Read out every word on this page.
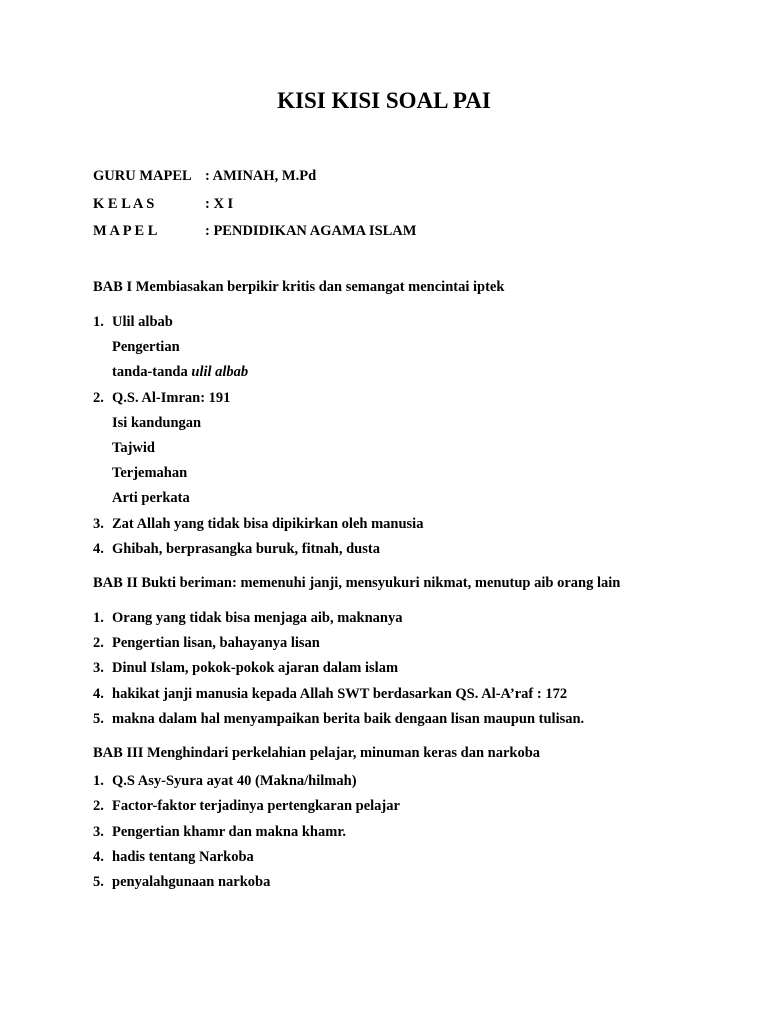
KISI KISI SOAL PAI
GURU MAPEL : AMINAH, M.Pd
K E L A S	: X I
M A P E L	: PENDIDIKAN AGAMA ISLAM
BAB I Membiasakan berpikir kritis dan semangat mencintai iptek
1. Ulil albab
Pengertian
tanda-tanda ulil albab
2. Q.S. Al-Imran: 191
Isi kandungan
Tajwid
Terjemahan
Arti perkata
3. Zat Allah yang tidak bisa dipikirkan oleh manusia
4. Ghibah, berprasangka buruk, fitnah, dusta
BAB II Bukti beriman: memenuhi janji, mensyukuri nikmat, menutup aib orang lain
1. Orang yang tidak bisa menjaga aib, maknanya
2. Pengertian lisan, bahayanya lisan
3. Dinul Islam, pokok-pokok ajaran dalam islam
4. hakikat janji manusia kepada Allah SWT berdasarkan QS. Al-A’raf : 172
5. makna dalam hal menyampaikan berita baik dengaan lisan maupun tulisan.
BAB III Menghindari perkelahian pelajar, minuman keras dan narkoba
1. Q.S Asy-Syura ayat 40 (Makna/hilmah)
2. Factor-faktor terjadinya pertengkaran pelajar
3. Pengertian khamr dan makna khamr.
4. hadis tentang Narkoba
5. penyalahgunaan narkoba
